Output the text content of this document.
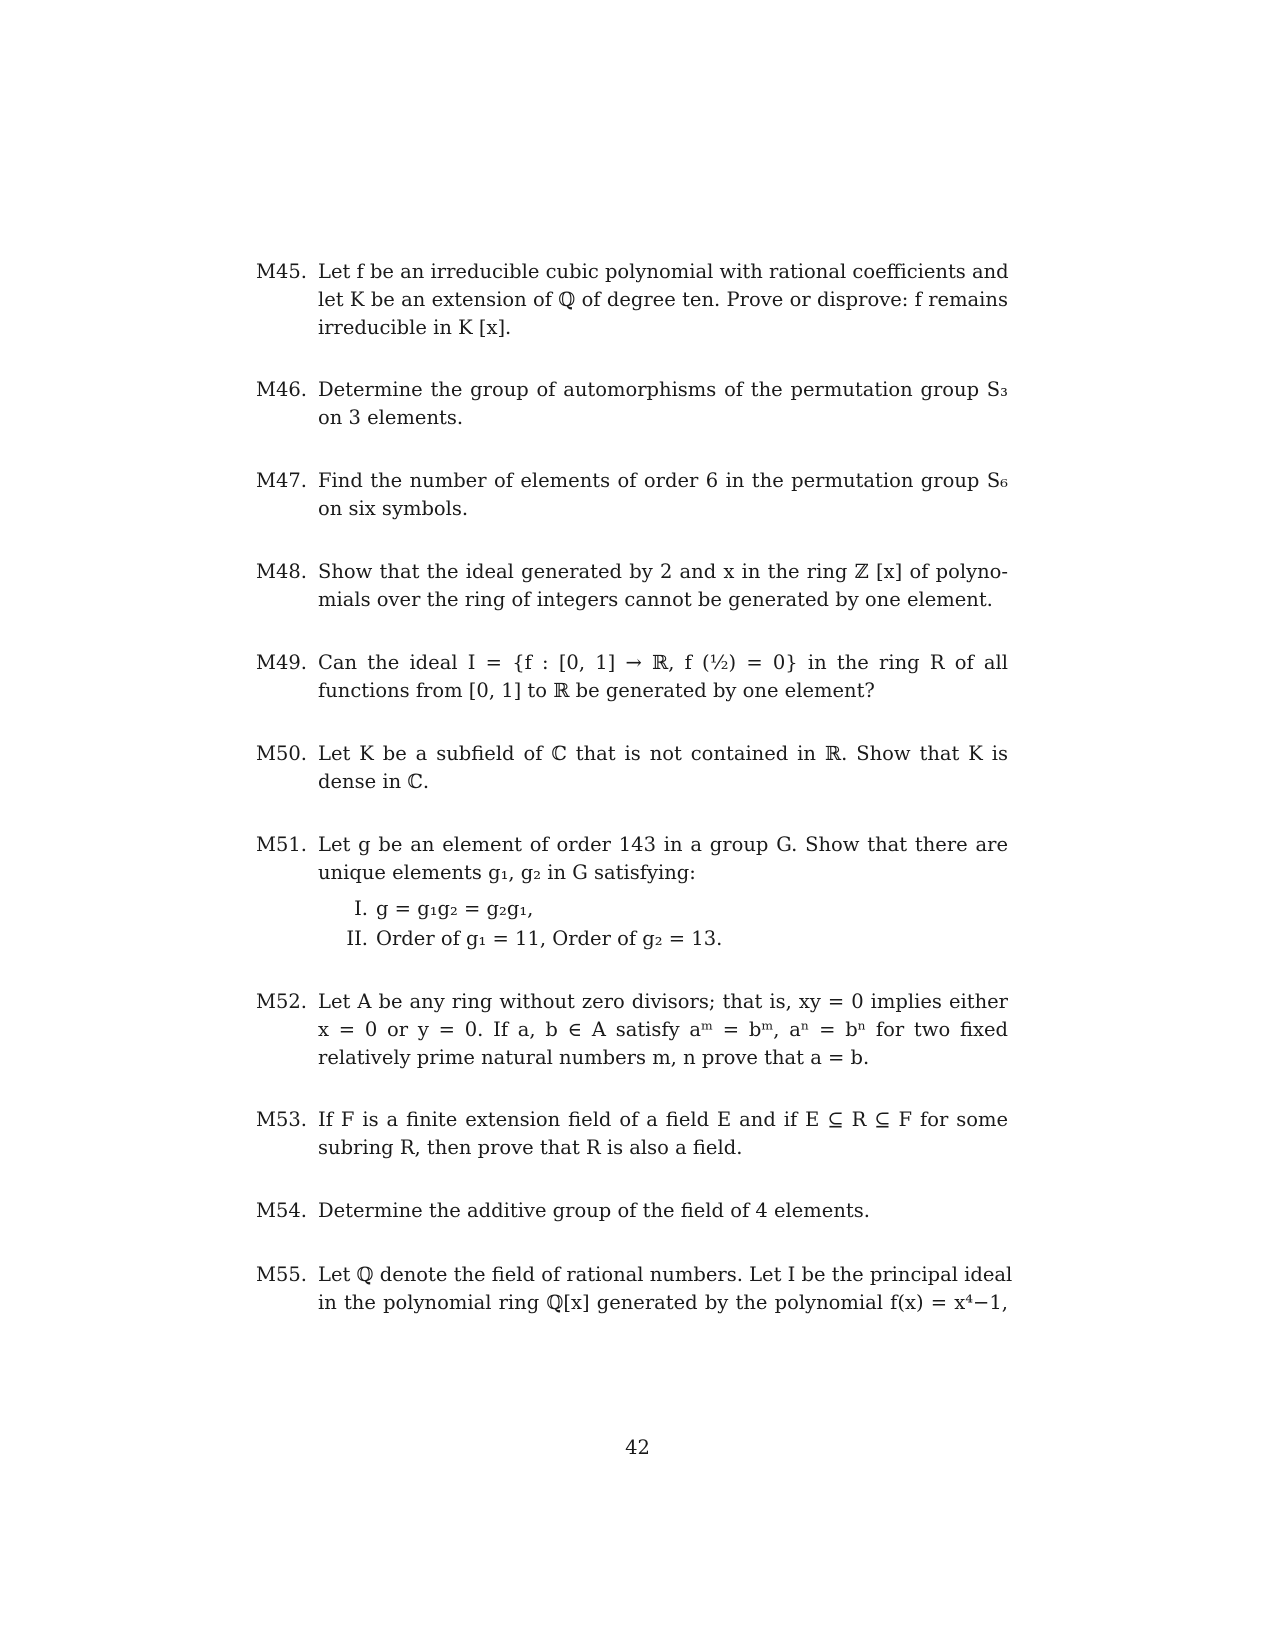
M45. Let f be an irreducible cubic polynomial with rational coefficients and
let K be an extension of ℚ of degree ten. Prove or disprove: f remains
irreducible in K [x].
M46. Determine the group of automorphisms of the permutation group S₃
on 3 elements.
M47. Find the number of elements of order 6 in the permutation group S₆
on six symbols.
M48. Show that the ideal generated by 2 and x in the ring ℤ [x] of polyno-
mials over the ring of integers cannot be generated by one element.
M49. Can the ideal I = {f : [0, 1] → ℝ, f (½) = 0} in the ring R of all
functions from [0, 1] to ℝ be generated by one element?
M50. Let K be a subfield of ℂ that is not contained in ℝ. Show that K is
dense in ℂ.
M51. Let g be an element of order 143 in a group G. Show that there are
unique elements g₁, g₂ in G satisfying:
I. g = g₁g₂ = g₂g₁,
II. Order of g₁ = 11, Order of g₂ = 13.
M52. Let A be any ring without zero divisors; that is, xy = 0 implies either
x = 0 or y = 0. If a, b ∈ A satisfy aᵐ = bᵐ, aⁿ = bⁿ for two fixed
relatively prime natural numbers m, n prove that a = b.
M53. If F is a finite extension field of a field E and if E ⊆ R ⊆ F for some
subring R, then prove that R is also a field.
M54. Determine the additive group of the field of 4 elements.
M55. Let ℚ denote the field of rational numbers. Let I be the principal ideal
in the polynomial ring ℚ[x] generated by the polynomial f(x) = x⁴−1,
42
